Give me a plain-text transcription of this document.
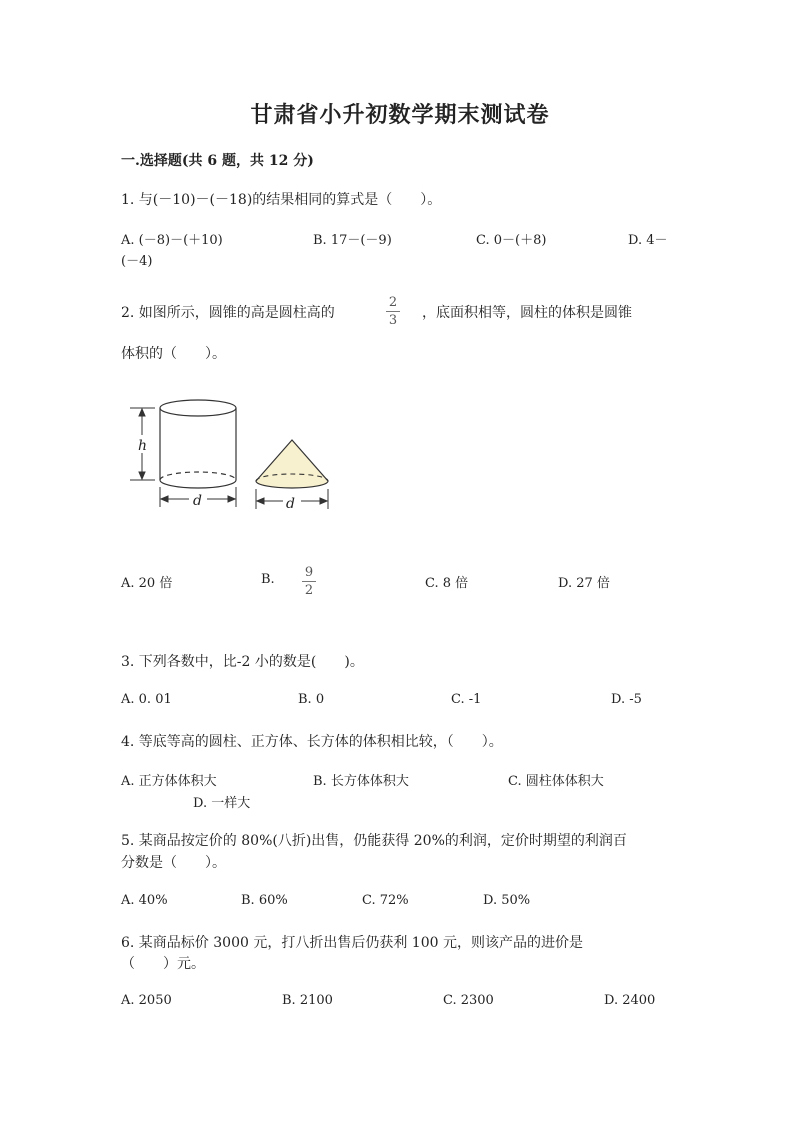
甘肃省小升初数学期末测试卷
一.选择题(共 6 题，共 12 分)
1. 与(－10)－(－18)的结果相同的算式是（　　）。
A. (－8)－(＋10)	B. 17－(－9)	C. 0－(＋8)	D. 4－
(－4)
2. 如图所示，圆锥的高是圆柱高的
2
3 ，底面积相等，圆柱的体积是圆锥
体积的（　　）。
h
d	d
A. 20 倍	B. 9
2	C. 8 倍	D. 27 倍
3. 下列各数中，比-2 小的数是(　　)。
A. 0. 01	B. 0	C. -1	D. -5
4. 等底等高的圆柱、正方体、长方体的体积相比较，（　　）。
A. 正方体体积大	B. 长方体体积大	C. 圆柱体体积大
D. 一样大
5. 某商品按定价的 80%(八折)出售，仍能获得 20%的利润，定价时期望的利润百
分数是（　　）。
A. 40%	B. 60%	C. 72%	D. 50%
6. 某商品标价 3000 元，打八折出售后仍获利 100 元，则该产品的进价是
（　　）元。
A. 2050	B. 2100	C. 2300	D. 2400
